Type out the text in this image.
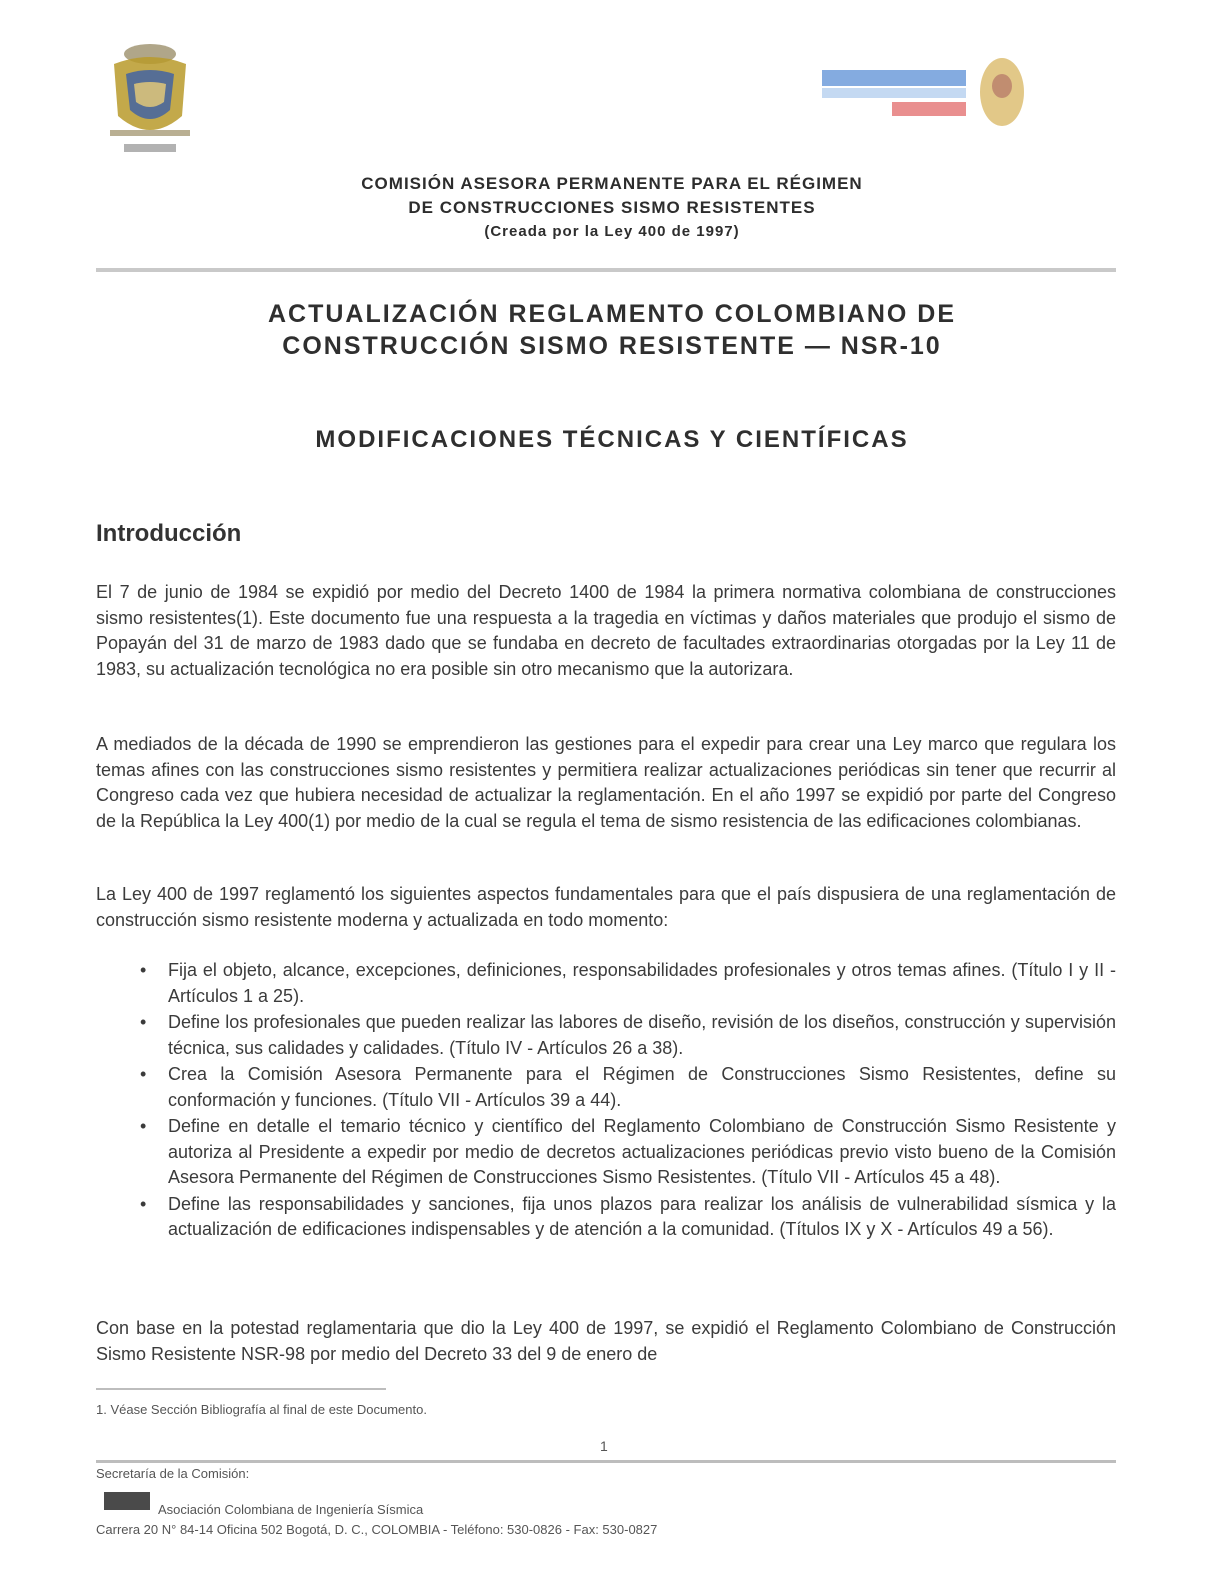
COMISIÓN ASESORA PERMANENTE PARA EL RÉGIMEN
DE CONSTRUCCIONES SISMO RESISTENTES
(Creada por la Ley 400 de 1997)
ACTUALIZACIÓN REGLAMENTO COLOMBIANO DE
CONSTRUCCIÓN SISMO RESISTENTE — NSR-10
MODIFICACIONES TÉCNICAS Y CIENTÍFICAS
Introducción
El 7 de junio de 1984 se expidió por medio del Decreto 1400 de 1984 la primera normativa colombiana de construcciones sismo resistentes(1). Este documento fue una respuesta a la tragedia en víctimas y daños materiales que produjo el sismo de Popayán del 31 de marzo de 1983 dado que se fundaba en decreto de facultades extraordinarias otorgadas por la Ley 11 de 1983, su actualización tecnológica no era posible sin otro mecanismo que la autorizara.
A mediados de la década de 1990 se emprendieron las gestiones para el expedir para crear una Ley marco que regulara los temas afines con las construcciones sismo resistentes y permitiera realizar actualizaciones periódicas sin tener que recurrir al Congreso cada vez que hubiera necesidad de actualizar la reglamentación. En el año 1997 se expidió por parte del Congreso de la República la Ley 400(1) por medio de la cual se regula el tema de sismo resistencia de las edificaciones colombianas.
La Ley 400 de 1997 reglamentó los siguientes aspectos fundamentales para que el país dispusiera de una reglamentación de construcción sismo resistente moderna y actualizada en todo momento:
• Fija el objeto, alcance, excepciones, definiciones, responsabilidades profesionales y otros temas afines. (Título I y II - Artículos 1 a 25).
• Define los profesionales que pueden realizar las labores de diseño, revisión de los diseños, construcción y supervisión técnica, sus calidades y calidades. (Título IV - Artículos 26 a 38).
• Crea la Comisión Asesora Permanente para el Régimen de Construcciones Sismo Resistentes, define su conformación y funciones. (Título VII - Artículos 39 a 44).
• Define en detalle el temario técnico y científico del Reglamento Colombiano de Construcción Sismo Resistente y autoriza al Presidente a expedir por medio de decretos actualizaciones periódicas previo visto bueno de la Comisión Asesora Permanente del Régimen de Construcciones Sismo Resistentes. (Título VII - Artículos 45 a 48).
• Define las responsabilidades y sanciones, fija unos plazos para realizar los análisis de vulnerabilidad sísmica y la actualización de edificaciones indispensables y de atención a la comunidad. (Títulos IX y X - Artículos 49 a 56).
Con base en la potestad reglamentaria que dio la Ley 400 de 1997, se expidió el Reglamento Colombiano de Construcción Sismo Resistente NSR-98 por medio del Decreto 33 del 9 de enero de
1. Véase Sección Bibliografía al final de este Documento.
1
Secretaría de la Comisión:
Asociación Colombiana de Ingeniería Sísmica
Carrera 20 N° 84-14 Oficina 502 Bogotá, D. C., COLOMBIA - Teléfono: 530-0826 - Fax: 530-0827
